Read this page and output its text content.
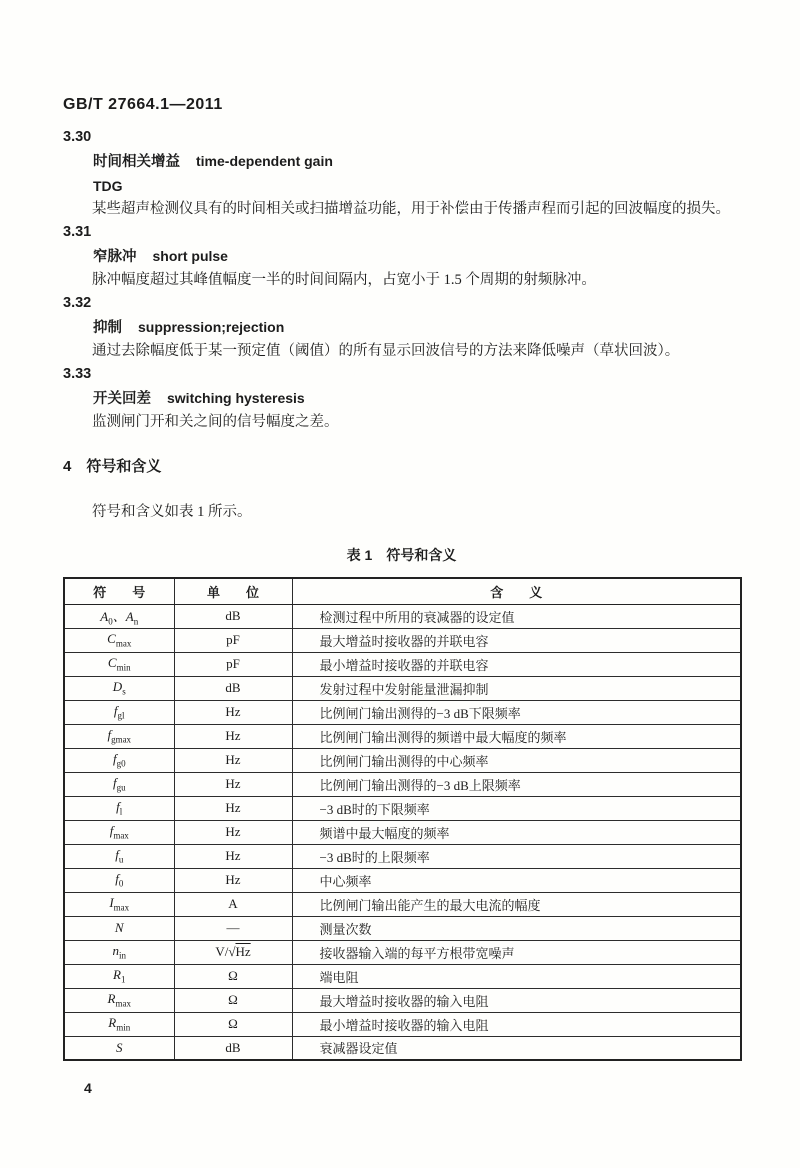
GB/T 27664.1—2011

3.30

时间相关增益 time-dependent gain

TDG

某些超声检测仪具有的时间相关或扫描增益功能，用于补偿由于传播声程而引起的回波幅度的损失。

3.31

窄脉冲 short pulse

脉冲幅度超过其峰值幅度一半的时间间隔内，占宽小于 1.5 个周期的射频脉冲。

3.32

抑制 suppression;rejection

通过去除幅度低于某一预定值（阈值）的所有显示回波信号的方法来降低噪声（草状回波）。

3.33

开关回差 switching hysteresis

监测闸门开和关之间的信号幅度之差。

4　符号和含义

符号和含义如表 1 所示。

表 1　符号和含义

符　　号	单　　位	含　　义
$A_0$、$A_n$	dB	检测过程中所用的衰减器的设定值
$C_{max}$	pF	最大增益时接收器的并联电容
$C_{min}$	pF	最小增益时接收器的并联电容
$D_s$	dB	发射过程中发射能量泄漏抑制
$f_{gl}$	Hz	比例闸门输出测得的−3 dB下限频率
$f_{gmax}$	Hz	比例闸门输出测得的频谱中最大幅度的频率
$f_{g0}$	Hz	比例闸门输出测得的中心频率
$f_{gu}$	Hz	比例闸门输出测得的−3 dB上限频率
$f_l$	Hz	−3 dB时的下限频率
$f_{max}$	Hz	频谱中最大幅度的频率
$f_u$	Hz	−3 dB时的上限频率
$f_0$	Hz	中心频率
$I_{max}$	A	比例闸门输出能产生的最大电流的幅度
N	—	测量次数
$n_{in}$	V/√Hz	接收器输入端的每平方根带宽噪声
$R_1$	Ω	端电阻
$R_{max}$	Ω	最大增益时接收器的输入电阻
$R_{min}$	Ω	最小增益时接收器的输入电阻
S	dB	衰减器设定值
4
